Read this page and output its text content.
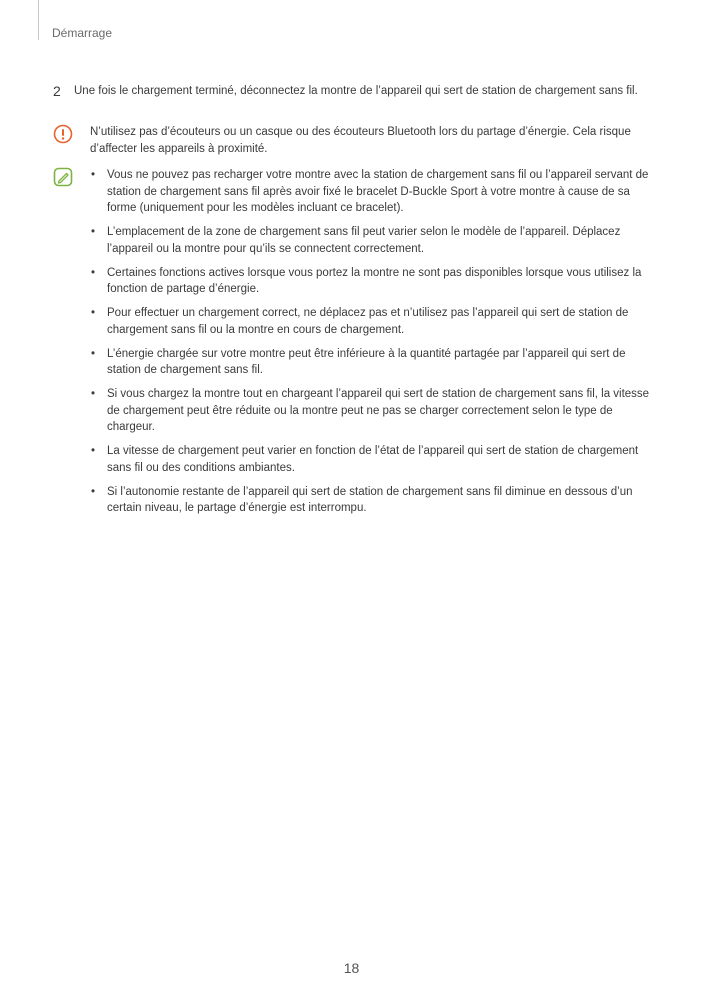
Démarrage
2 Une fois le chargement terminé, déconnectez la montre de l’appareil qui sert de station de chargement sans fil.
N’utilisez pas d’écouteurs ou un casque ou des écouteurs Bluetooth lors du partage d’énergie. Cela risque d’affecter les appareils à proximité.
• Vous ne pouvez pas recharger votre montre avec la station de chargement sans fil ou l’appareil servant de station de chargement sans fil après avoir fixé le bracelet D-Buckle Sport à votre montre à cause de sa forme (uniquement pour les modèles incluant ce bracelet).
• L’emplacement de la zone de chargement sans fil peut varier selon le modèle de l’appareil. Déplacez l’appareil ou la montre pour qu’ils se connectent correctement.
• Certaines fonctions actives lorsque vous portez la montre ne sont pas disponibles lorsque vous utilisez la fonction de partage d’énergie.
• Pour effectuer un chargement correct, ne déplacez pas et n’utilisez pas l’appareil qui sert de station de chargement sans fil ou la montre en cours de chargement.
• L’énergie chargée sur votre montre peut être inférieure à la quantité partagée par l’appareil qui sert de station de chargement sans fil.
• Si vous chargez la montre tout en chargeant l’appareil qui sert de station de chargement sans fil, la vitesse de chargement peut être réduite ou la montre peut ne pas se charger correctement selon le type de chargeur.
• La vitesse de chargement peut varier en fonction de l’état de l’appareil qui sert de station de chargement sans fil ou des conditions ambiantes.
• Si l’autonomie restante de l’appareil qui sert de station de chargement sans fil diminue en dessous d’un certain niveau, le partage d’énergie est interrompu.
18
